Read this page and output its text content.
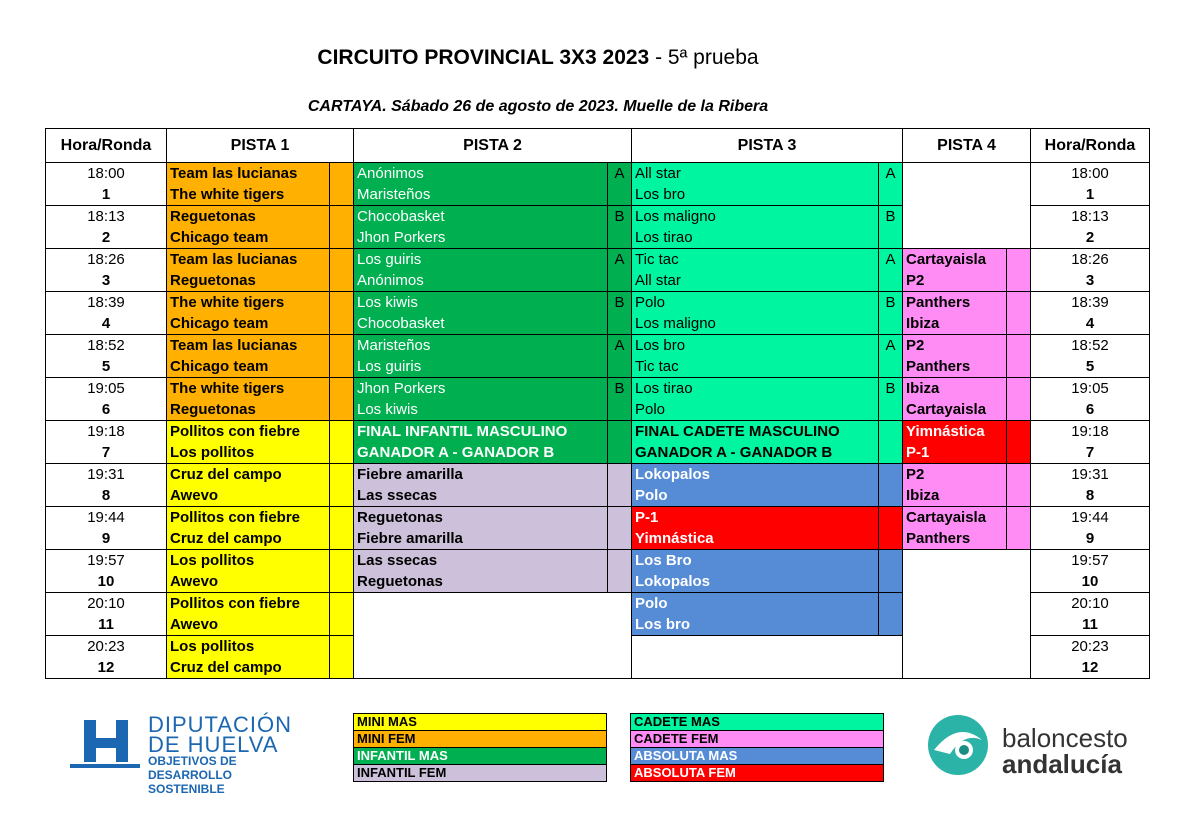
CIRCUITO PROVINCIAL 3X3 2023 - 5ª prueba
CARTAYA. Sábado 26 de agosto de 2023. Muelle de la Ribera
Hora/Ronda	PISTA 1		PISTA 2		PISTA 3		PISTA 4		Hora/Ronda
18:00	Team las lucianas		Anónimos	A	All star	A			18:00
1	The white tigers		Maristeños		Los bro				1
18:13	Reguetonas		Chocobasket	B	Los maligno	B			18:13
2	Chicago team		Jhon Porkers		Los tirao				2
18:26	Team las lucianas		Los guiris	A	Tic tac	A	Cartayaisla		18:26
3	Reguetonas		Anónimos		All star		P2		3
18:39	The white tigers		Los kiwis	B	Polo	B	Panthers		18:39
4	Chicago team		Chocobasket		Los maligno		Ibiza		4
18:52	Team las lucianas		Maristeños	A	Los bro	A	P2		18:52
5	Chicago team		Los guiris		Tic tac		Panthers		5
19:05	The white tigers		Jhon Porkers	B	Los tirao	B	Ibiza		19:05
6	Reguetonas		Los kiwis		Polo		Cartayaisla		6
19:18	Pollitos con fiebre		FINAL INFANTIL MASCULINO		FINAL CADETE MASCULINO		Yimnástica		19:18
7	Los pollitos		GANADOR A - GANADOR B		GANADOR A - GANADOR B		P-1		7
19:31	Cruz del campo		Fiebre amarilla		Lokopalos		P2		19:31
8	Awevo		Las ssecas		Polo		Ibiza		8
19:44	Pollitos con fiebre		Reguetonas		P-1		Cartayaisla		19:44
9	Cruz del campo		Fiebre amarilla		Yimnástica		Panthers		9
19:57	Los pollitos		Las ssecas		Los Bro				19:57
10	Awevo		Reguetonas		Lokopalos				10
20:10	Pollitos con fiebre				Polo				20:10
11	Awevo				Los bro				11
20:23	Los pollitos								20:23
12	Cruz del campo								12
MINI MAS
MINI FEM
INFANTIL MAS
INFANTIL FEM
CADETE MAS
CADETE FEM
ABSOLUTA MAS
ABSOLUTA FEM
DIPUTACIÓN
DE HUELVA
OBJETIVOS DE DESARROLLO SOSTENIBLE
baloncesto
andalucía
